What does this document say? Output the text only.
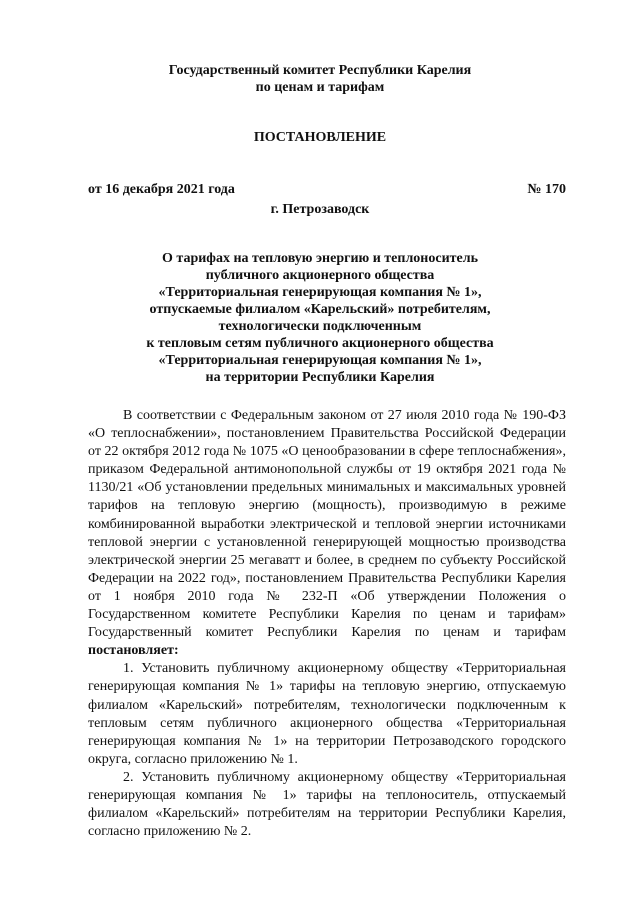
Государственный комитет Республики Карелия
по ценам и тарифам
ПОСТАНОВЛЕНИЕ
от 16 декабря 2021 года	№ 170
г. Петрозаводск
О тарифах на тепловую энергию и теплоноситель
публичного акционерного общества
«Территориальная генерирующая компания № 1»,
отпускаемые филиалом «Карельский» потребителям,
технологически подключенным
к тепловым сетям публичного акционерного общества
«Территориальная генерирующая компания № 1»,
на территории Республики Карелия

В соответствии с Федеральным законом от 27 июля 2010 года № 190-ФЗ «О теплоснабжении», постановлением Правительства Российской Федерации от 22 октября 2012 года № 1075 «О ценообразовании в сфере теплоснабжения», приказом Федеральной антимонопольной службы от 19 октября 2021 года № 1130/21 «Об установлении предельных минимальных и максимальных уровней тарифов на тепловую энергию (мощность), производимую в режиме комбинированной выработки электрической и тепловой энергии источниками тепловой энергии с установленной генерирующей мощностью производства электрической энергии 25 мегаватт и более, в среднем по субъекту Российской Федерации на 2022 год», постановлением Правительства Республики Карелия от 1 ноября 2010 года № 232-П «Об утверждении Положения о Государственном комитете Республики Карелия по ценам и тарифам» Государственный комитет Республики Карелия по ценам и тарифам постановляет:

1. Установить публичному акционерному обществу «Территориальная генерирующая компания № 1» тарифы на тепловую энергию, отпускаемую филиалом «Карельский» потребителям, технологически подключенным к тепловым сетям публичного акционерного общества «Территориальная генерирующая компания № 1» на территории Петрозаводского городского округа, согласно приложению № 1.

2. Установить публичному акционерному обществу «Территориальная генерирующая компания № 1» тарифы на теплоноситель, отпускаемый филиалом «Карельский» потребителям на территории Республики Карелия, согласно приложению № 2.
